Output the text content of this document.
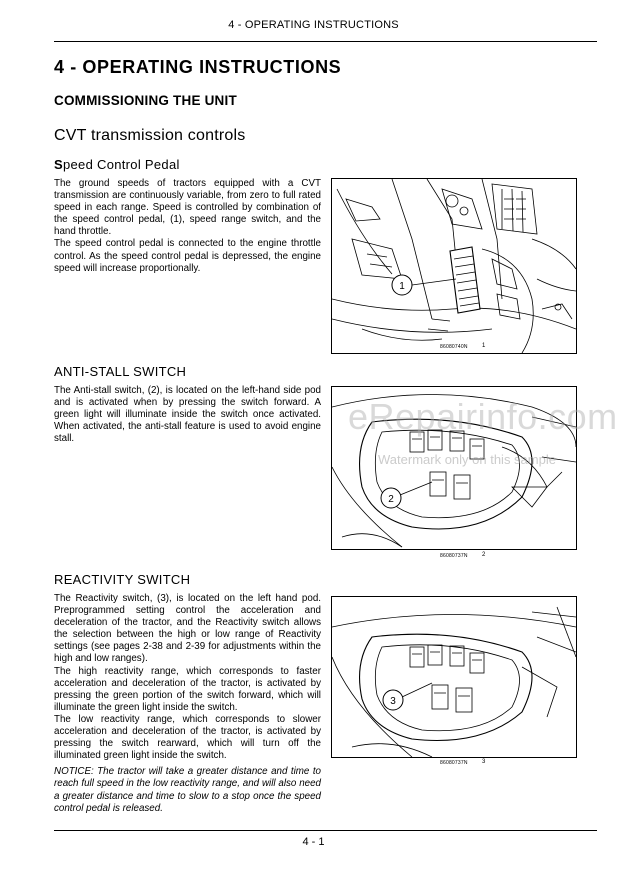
4 - OPERATING INSTRUCTIONS
4 - OPERATING INSTRUCTIONS
COMMISSIONING THE UNIT
CVT transmission controls
Speed Control Pedal

The ground speeds of tractors equipped with a CVT transmission are continuously variable, from zero to full rated speed in each range. Speed is controlled by combination of the speed control pedal, (1), speed range switch, and the hand throttle.

The speed control pedal is connected to the engine throttle control. As the speed control pedal is depressed, the engine speed will increase proportionally.

1
86080740N 1
ANTI-STALL SWITCH

The Anti-stall switch, (2), is located on the left-hand side pod and is activated when by pressing the switch forward. A green light will illuminate inside the switch once activated. When activated, the anti-stall feature is used to avoid engine stall.

2
86080737N 2
REACTIVITY SWITCH

The Reactivity switch, (3), is located on the left hand pod. Preprogrammed setting control the acceleration and deceleration of the tractor, and the Reactivity switch allows the selection between the high or low range of Reactivity settings (see pages 2-38 and 2-39 for adjustments within the high and low ranges).

The high reactivity range, which corresponds to faster acceleration and deceleration of the tractor, is activated by pressing the green portion of the switch forward, which will illuminate the green light inside the switch.

The low reactivity range, which corresponds to slower acceleration and deceleration of the tractor, is activated by pressing the switch rearward, which will turn off the illuminated green light inside the switch.

NOTICE: The tractor will take a greater distance and time to reach full speed in the low reactivity range, and will also need a greater distance and time to slow to a stop once the speed control pedal is released.

3
86080737N 3
eRepairinfo.com
Watermark only on this sample
4 - 1
